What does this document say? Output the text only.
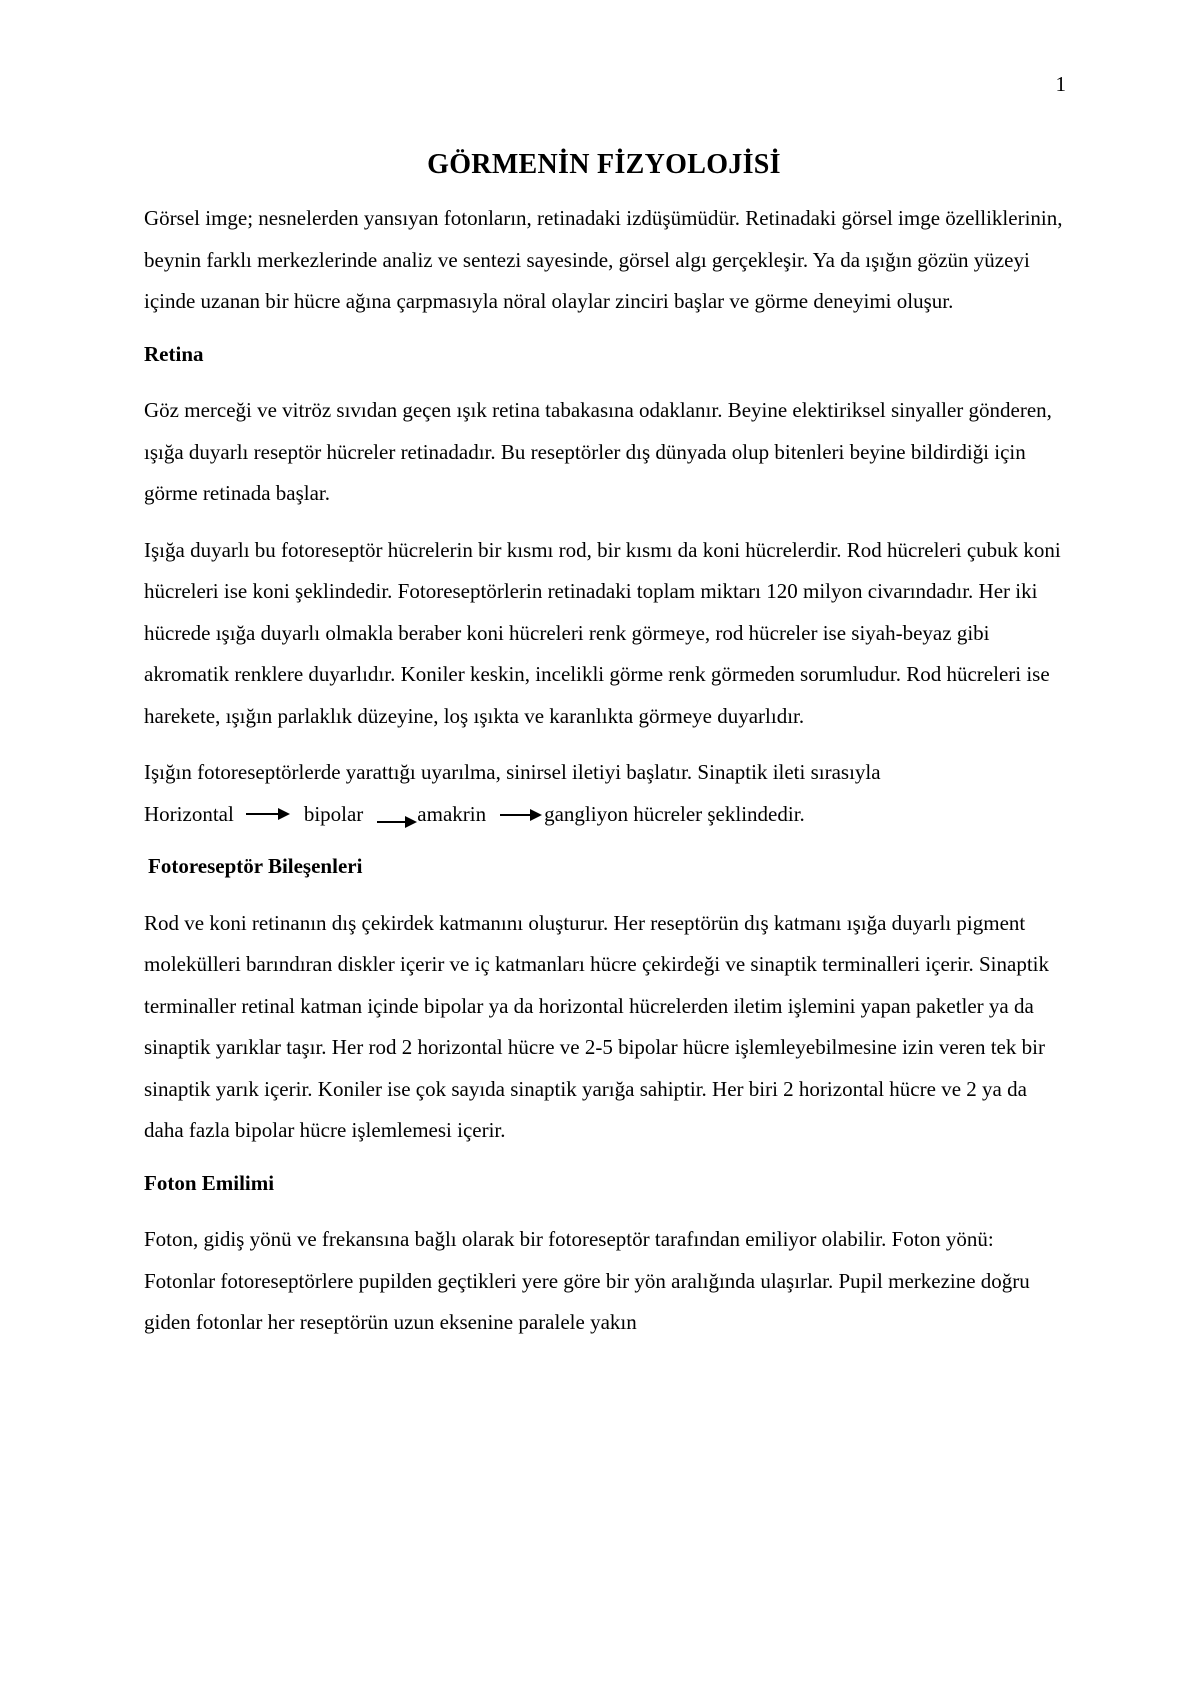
1
GÖRMENİN FİZYOLOJİSİ

Görsel imge; nesnelerden yansıyan fotonların, retinadaki izdüşümüdür. Retinadaki görsel imge özelliklerinin, beynin farklı merkezlerinde analiz ve sentezi sayesinde, görsel algı gerçekleşir. Ya da ışığın gözün yüzeyi içinde uzanan bir hücre ağına çarpmasıyla nöral olaylar zinciri başlar ve görme deneyimi oluşur.

Retina

Göz merceği ve vitröz sıvıdan geçen ışık retina tabakasına odaklanır. Beyine elektiriksel sinyaller gönderen, ışığa duyarlı reseptör hücreler retinadadır. Bu reseptörler dış dünyada olup bitenleri beyine bildirdiği için görme retinada başlar.

Işığa duyarlı bu fotoreseptör hücrelerin bir kısmı rod, bir kısmı da koni hücrelerdir. Rod hücreleri çubuk koni hücreleri ise koni şeklindedir. Fotoreseptörlerin retinadaki toplam miktarı 120 milyon civarındadır. Her iki hücrede ışığa duyarlı olmakla beraber koni hücreleri renk görmeye, rod hücreler ise siyah-beyaz gibi akromatik renklere duyarlıdır. Koniler keskin, incelikli görme renk görmeden sorumludur. Rod hücreleri ise harekete, ışığın parlaklık düzeyine, loş ışıkta ve karanlıkta görmeye duyarlıdır.

Işığın fotoreseptörlerde yarattığı uyarılma, sinirsel iletiyi başlatır. Sinaptik ileti sırasıyla
Horizontal	bipolar	amakrin	gangliyon hücreler şeklindedir.
Fotoreseptör Bileşenleri

Rod ve koni retinanın dış çekirdek katmanını oluşturur. Her reseptörün dış katmanı ışığa duyarlı pigment molekülleri barındıran diskler içerir ve iç katmanları hücre çekirdeği ve sinaptik terminalleri içerir. Sinaptik terminaller retinal katman içinde bipolar ya da horizontal hücrelerden iletim işlemini yapan paketler ya da sinaptik yarıklar taşır. Her rod 2 horizontal hücre ve 2-5 bipolar hücre işlemleyebilmesine izin veren tek bir sinaptik yarık içerir. Koniler ise çok sayıda sinaptik yarığa sahiptir. Her biri 2 horizontal hücre ve 2 ya da daha fazla bipolar hücre işlemlemesi içerir.

Foton Emilimi

Foton, gidiş yönü ve frekansına bağlı olarak bir fotoreseptör tarafından emiliyor olabilir. Foton yönü: Fotonlar fotoreseptörlere pupilden geçtikleri yere göre bir yön aralığında ulaşırlar. Pupil merkezine doğru giden fotonlar her reseptörün uzun eksenine paralele yakın
